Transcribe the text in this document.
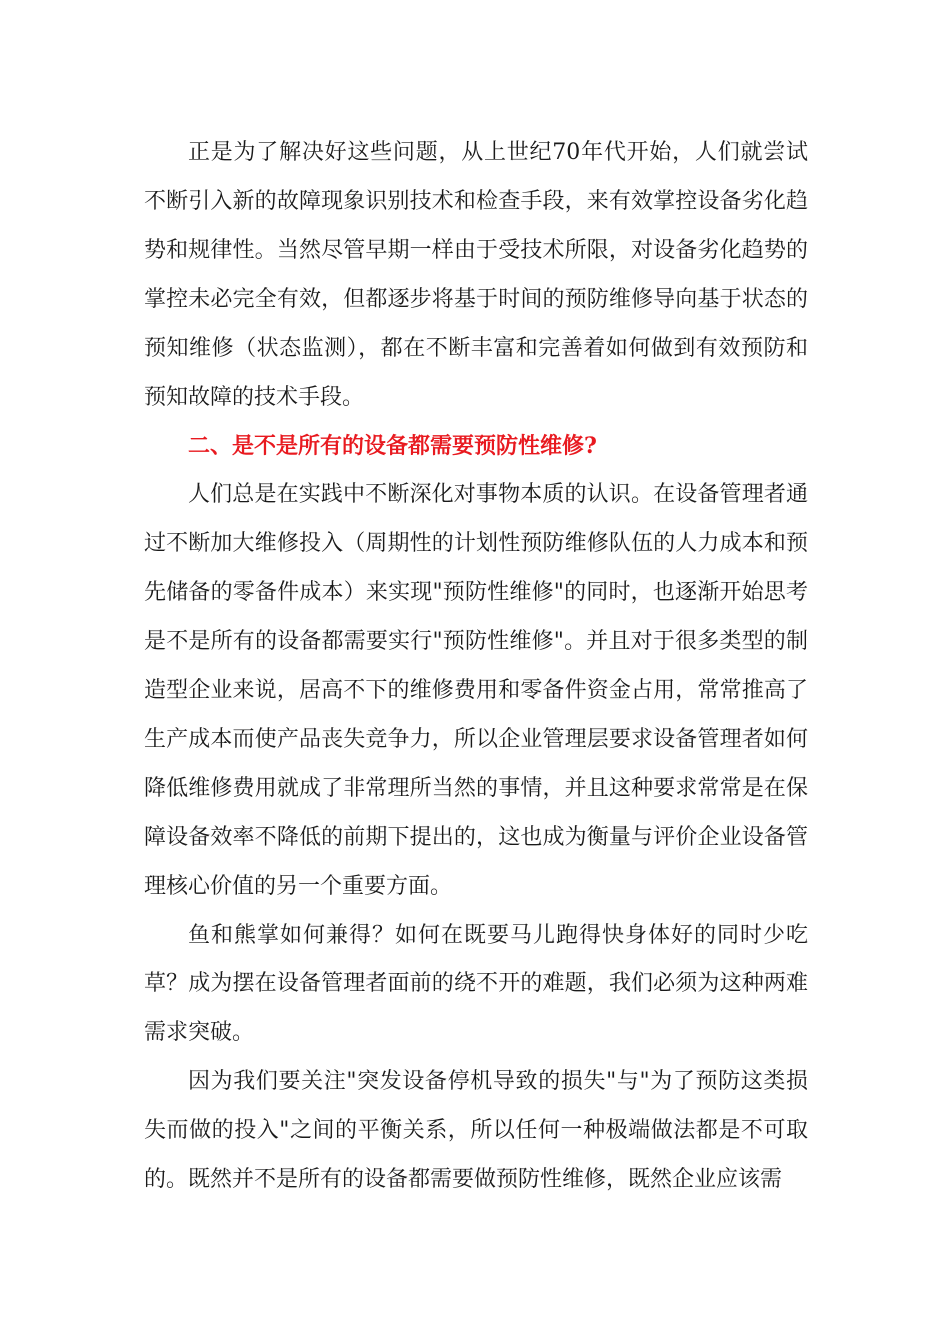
正是为了解决好这些问题，从上世纪70年代开始，人们就尝试不断引入新的故障现象识别技术和检查手段，来有效掌控设备劣化趋势和规律性。当然尽管早期一样由于受技术所限，对设备劣化趋势的掌控未必完全有效，但都逐步将基于时间的预防维修导向基于状态的预知维修（状态监测），都在不断丰富和完善着如何做到有效预防和预知故障的技术手段。

二、是不是所有的设备都需要预防性维修?

人们总是在实践中不断深化对事物本质的认识。在设备管理者通过不断加大维修投入（周期性的计划性预防维修队伍的人力成本和预先储备的零备件成本）来实现"预防性维修"的同时，也逐渐开始思考是不是所有的设备都需要实行"预防性维修"。并且对于很多类型的制造型企业来说，居高不下的维修费用和零备件资金占用，常常推高了生产成本而使产品丧失竞争力，所以企业管理层要求设备管理者如何降低维修费用就成了非常理所当然的事情，并且这种要求常常是在保障设备效率不降低的前期下提出的，这也成为衡量与评价企业设备管理核心价值的另一个重要方面。

鱼和熊掌如何兼得？如何在既要马儿跑得快身体好的同时少吃草？成为摆在设备管理者面前的绕不开的难题，我们必须为这种两难需求突破。

因为我们要关注"突发设备停机导致的损失"与"为了预防这类损失而做的投入"之间的平衡关系，所以任何一种极端做法都是不可取的。既然并不是所有的设备都需要做预防性维修，既然企业应该需
